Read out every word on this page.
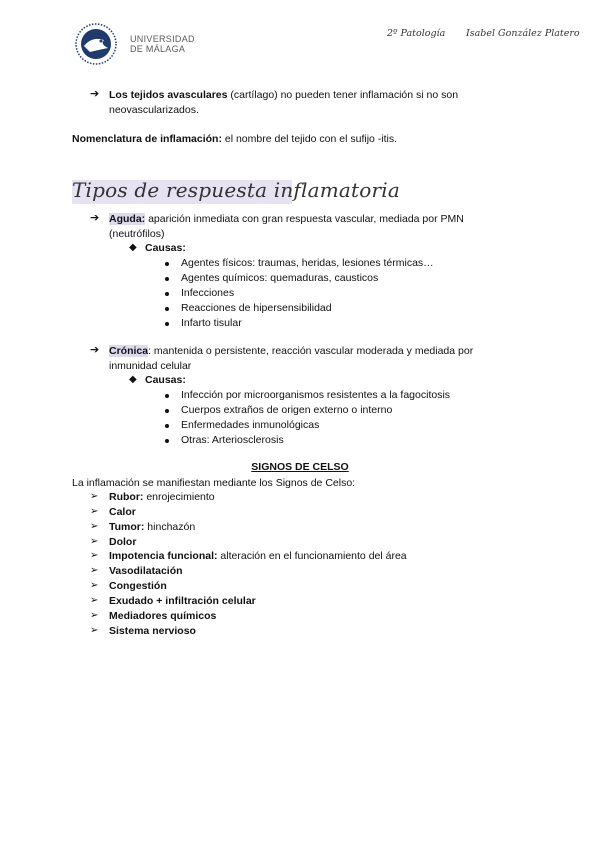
UNIVERSIDAD
DE MÁLAGA
2º Patología Isabel González Platero
➔ Los tejidos avasculares (cartílago) no pueden tener inflamación si no son
neovascularizados.
Nomenclatura de inflamación: el nombre del tejido con el sufijo -itis.
Tipos de respuesta inflamatoria
➔ Aguda: aparición inmediata con gran respuesta vascular, mediada por PMN
(neutrófilos)
◆ Causas:
Agentes físicos: traumas, heridas, lesiones térmicas…
Agentes químicos: quemaduras, causticos
Infecciones
Reacciones de hipersensibilidad
Infarto tisular
➔ Crónica: mantenida o persistente, reacción vascular moderada y mediada por
inmunidad celular
◆ Causas:
Infección por microorganismos resistentes a la fagocitosis
Cuerpos extraños de origen externo o interno
Enfermedades inmunológicas
Otras: Arteriosclerosis
SIGNOS DE CELSO
La inflamación se manifiestan mediante los Signos de Celso:
➢ Rubor: enrojecimiento
➢ Calor
➢ Tumor: hinchazón
➢ Dolor
➢ Impotencia funcional: alteración en el funcionamiento del área
➢ Vasodilatación
➢ Congestión
➢ Exudado + infiltración celular
➢ Mediadores químicos
➢ Sistema nervioso
